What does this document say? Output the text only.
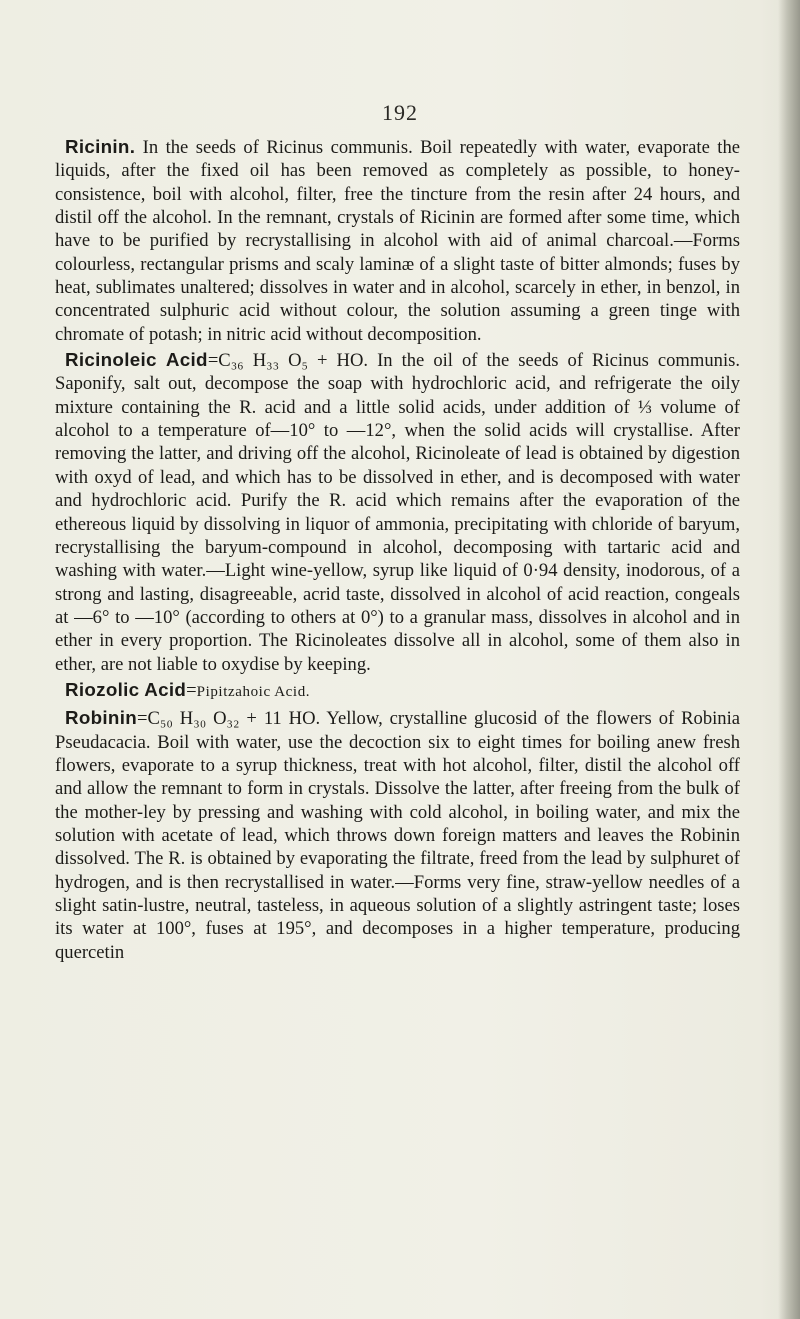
192

Ricinin. In the seeds of Ricinus communis. Boil repeatedly with water, evaporate the liquids, after the fixed oil has been removed as completely as possible, to honey-consistence, boil with alcohol, filter, free the tincture from the resin after 24 hours, and distil off the alcohol. In the remnant, crystals of Ricinin are formed after some time, which have to be purified by recrystallising in alcohol with aid of animal charcoal.—Forms colourless, rectangular prisms and scaly laminæ of a slight taste of bitter almonds; fuses by heat, sublimates unaltered; dissolves in water and in alcohol, scarcely in ether, in benzol, in concentrated sulphuric acid without colour, the solution assuming a green tinge with chromate of potash; in nitric acid without decomposition.

Ricinoleic Acid=C₃₆ H₃₃ O₅ + HO. In the oil of the seeds of Ricinus communis. Saponify, salt out, decompose the soap with hydrochloric acid, and refrigerate the oily mixture containing the R. acid and a little solid acids, under addition of ⅓ volume of alcohol to a temperature of—10° to —12°, when the solid acids will crystallise. After removing the latter, and driving off the alcohol, Ricinoleate of lead is obtained by digestion with oxyd of lead, and which has to be dissolved in ether, and is decomposed with water and hydrochloric acid. Purify the R. acid which remains after the evaporation of the ethereous liquid by dissolving in liquor of ammonia, precipitating with chloride of baryum, recrystallising the baryum-compound in alcohol, decomposing with tartaric acid and washing with water.—Light wine-yellow, syrup like liquid of 0·94 density, inodorous, of a strong and lasting, disagreeable, acrid taste, dissolved in alcohol of acid reaction, congeals at —6° to —10° (according to others at 0°) to a granular mass, dissolves in alcohol and in ether in every proportion. The Ricinoleates dissolve all in alcohol, some of them also in ether, are not liable to oxydise by keeping.

Riozolic Acid=Pipitzahoic Acid.

Robinin=C₅₀ H₃₀ O₃₂ + 11 HO. Yellow, crystalline glucosid of the flowers of Robinia Pseudacacia. Boil with water, use the decoction six to eight times for boiling anew fresh flowers, evaporate to a syrup thickness, treat with hot alcohol, filter, distil the alcohol off and allow the remnant to form in crystals. Dissolve the latter, after freeing from the bulk of the mother-ley by pressing and washing with cold alcohol, in boiling water, and mix the solution with acetate of lead, which throws down foreign matters and leaves the Robinin dissolved. The R. is obtained by evaporating the filtrate, freed from the lead by sulphuret of hydrogen, and is then recrystallised in water.—Forms very fine, straw-yellow needles of a slight satin-lustre, neutral, tasteless, in aqueous solution of a slightly astringent taste; loses its water at 100°, fuses at 195°, and decomposes in a higher temperature, producing quercetin
